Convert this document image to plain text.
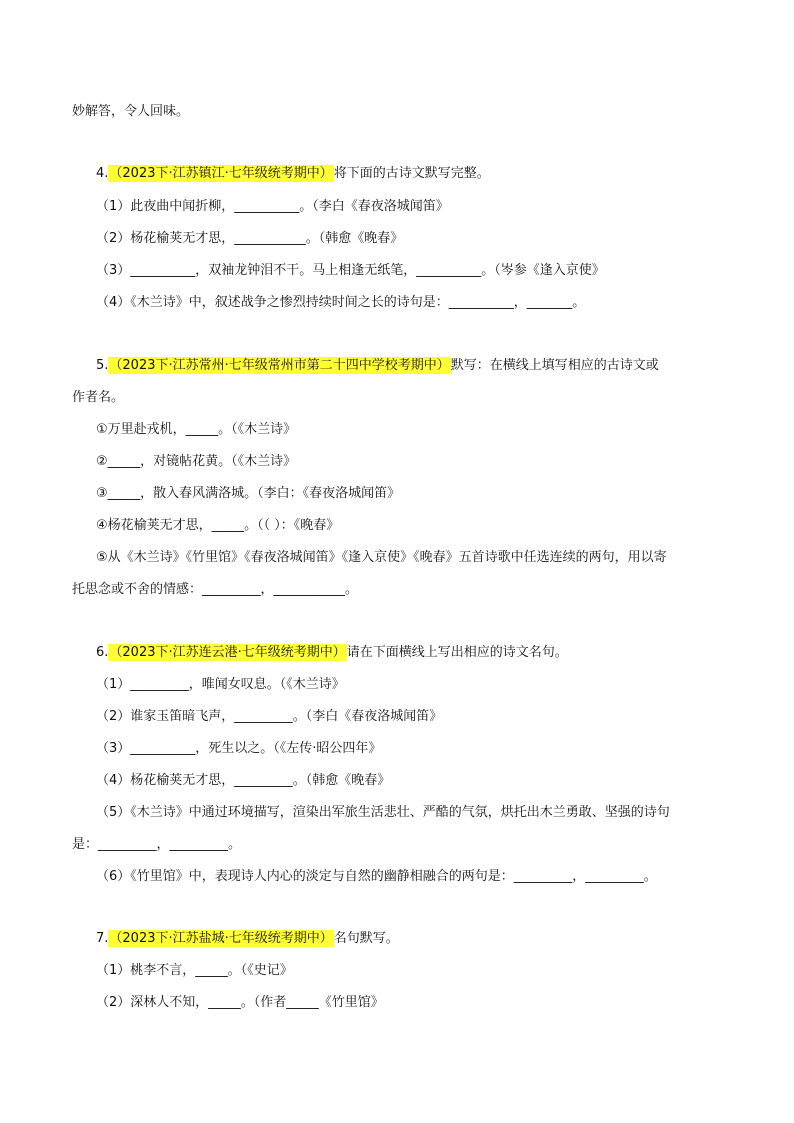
妙解答，令人回味。
4.（2023下·江苏镇江·七年级统考期中）将下面的古诗文默写完整。
（1）此夜曲中闻折柳，__________。（李白《春夜洛城闻笛》
（2）杨花榆荚无才思，___________。（韩愈《晚春》
（3）__________，双袖龙钟泪不干。马上相逢无纸笔，__________。（岑参《逢入京使》
（4）《木兰诗》中，叙述战争之惨烈持续时间之长的诗句是：__________，_______。
5.（2023下·江苏常州·七年级常州市第二十四中学校考期中）默写：在横线上填写相应的古诗文或
作者名。
①万里赴戎机，_____。（《木兰诗》
②_____，对镜帖花黄。（《木兰诗》
③_____，散入春风满洛城。（李白：《春夜洛城闻笛》
④杨花榆荚无才思，_____。（（ ）：《晚春》
⑤从《木兰诗》《竹里馆》《春夜洛城闻笛》《逢入京使》《晚春》五首诗歌中任选连续的两句，用以寄
托思念或不舍的情感：_________，___________。
6.（2023下·江苏连云港·七年级统考期中）请在下面横线上写出相应的诗文名句。
（1）_________，唯闻女叹息。（《木兰诗》
（2）谁家玉笛暗飞声，_________。（李白《春夜洛城闻笛》
（3）__________，死生以之。（《左传·昭公四年》
（4）杨花榆荚无才思，_________。（韩愈《晚春》
（5）《木兰诗》中通过环境描写，渲染出军旅生活悲壮、严酷的气氛，烘托出木兰勇敢、坚强的诗句
是：_________，_________。
（6）《竹里馆》中，表现诗人内心的淡定与自然的幽静相融合的两句是：_________，_________。
7.（2023下·江苏盐城·七年级统考期中）名句默写。
（1）桃李不言，_____。（《史记》
（2）深林人不知，_____。（作者_____《竹里馆》
